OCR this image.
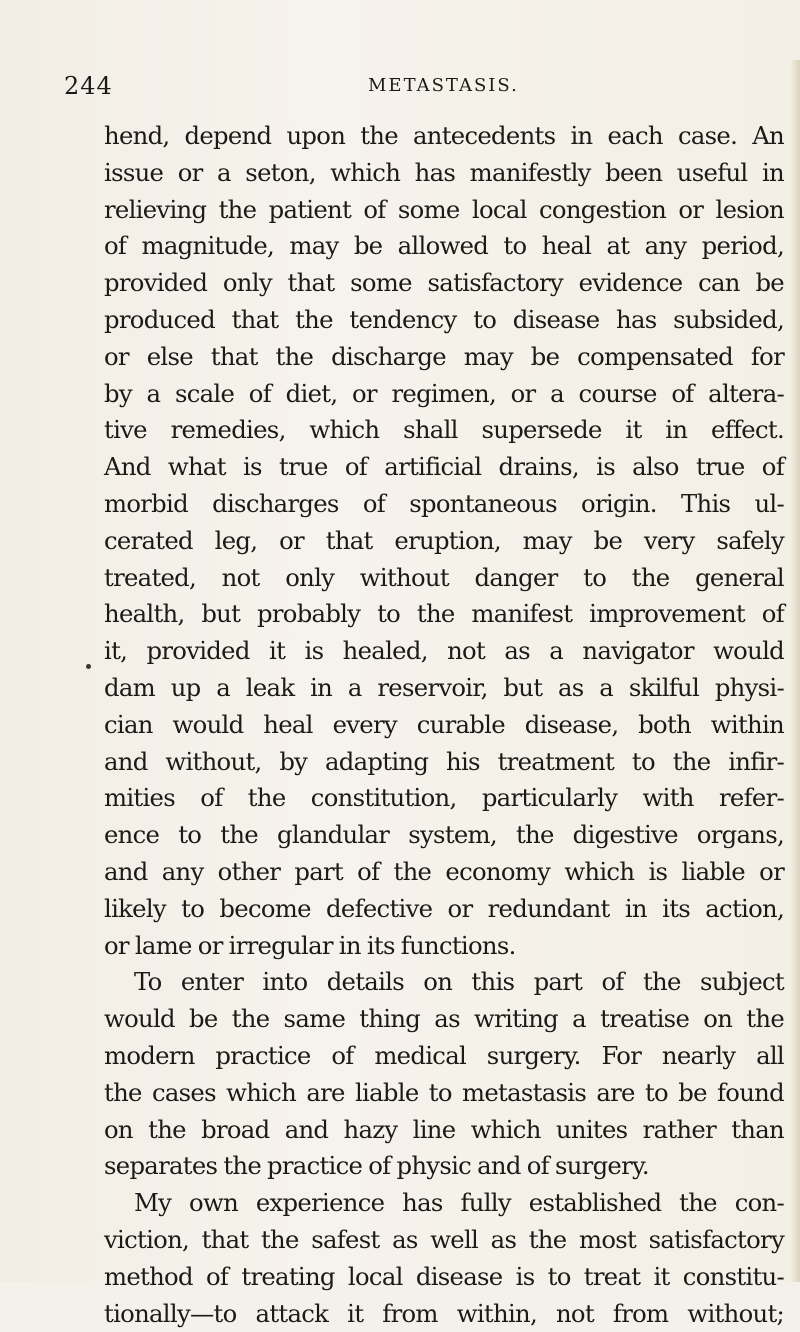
244	METASTASIS.
hend, depend upon the antecedents in each case. An
issue or a seton, which has manifestly been useful in
relieving the patient of some local congestion or lesion
of magnitude, may be allowed to heal at any period,
provided only that some satisfactory evidence can be
produced that the tendency to disease has subsided,
or else that the discharge may be compensated for
by a scale of diet, or regimen, or a course of altera-
tive remedies, which shall supersede it in effect.
And what is true of artificial drains, is also true of
morbid discharges of spontaneous origin. This ul-
cerated leg, or that eruption, may be very safely
treated, not only without danger to the general
health, but probably to the manifest improvement of
it, provided it is healed, not as a navigator would
dam up a leak in a reservoir, but as a skilful physi-
cian would heal every curable disease, both within
and without, by adapting his treatment to the infir-
mities of the constitution, particularly with refer-
ence to the glandular system, the digestive organs,
and any other part of the economy which is liable or
likely to become defective or redundant in its action,
or lame or irregular in its functions.
To enter into details on this part of the subject
would be the same thing as writing a treatise on the
modern practice of medical surgery. For nearly all
the cases which are liable to metastasis are to be found
on the broad and hazy line which unites rather than
separates the practice of physic and of surgery.
My own experience has fully established the con-
viction, that the safest as well as the most satisfactory
method of treating local disease is to treat it constitu-
tionally—to attack it from within, not from without;
